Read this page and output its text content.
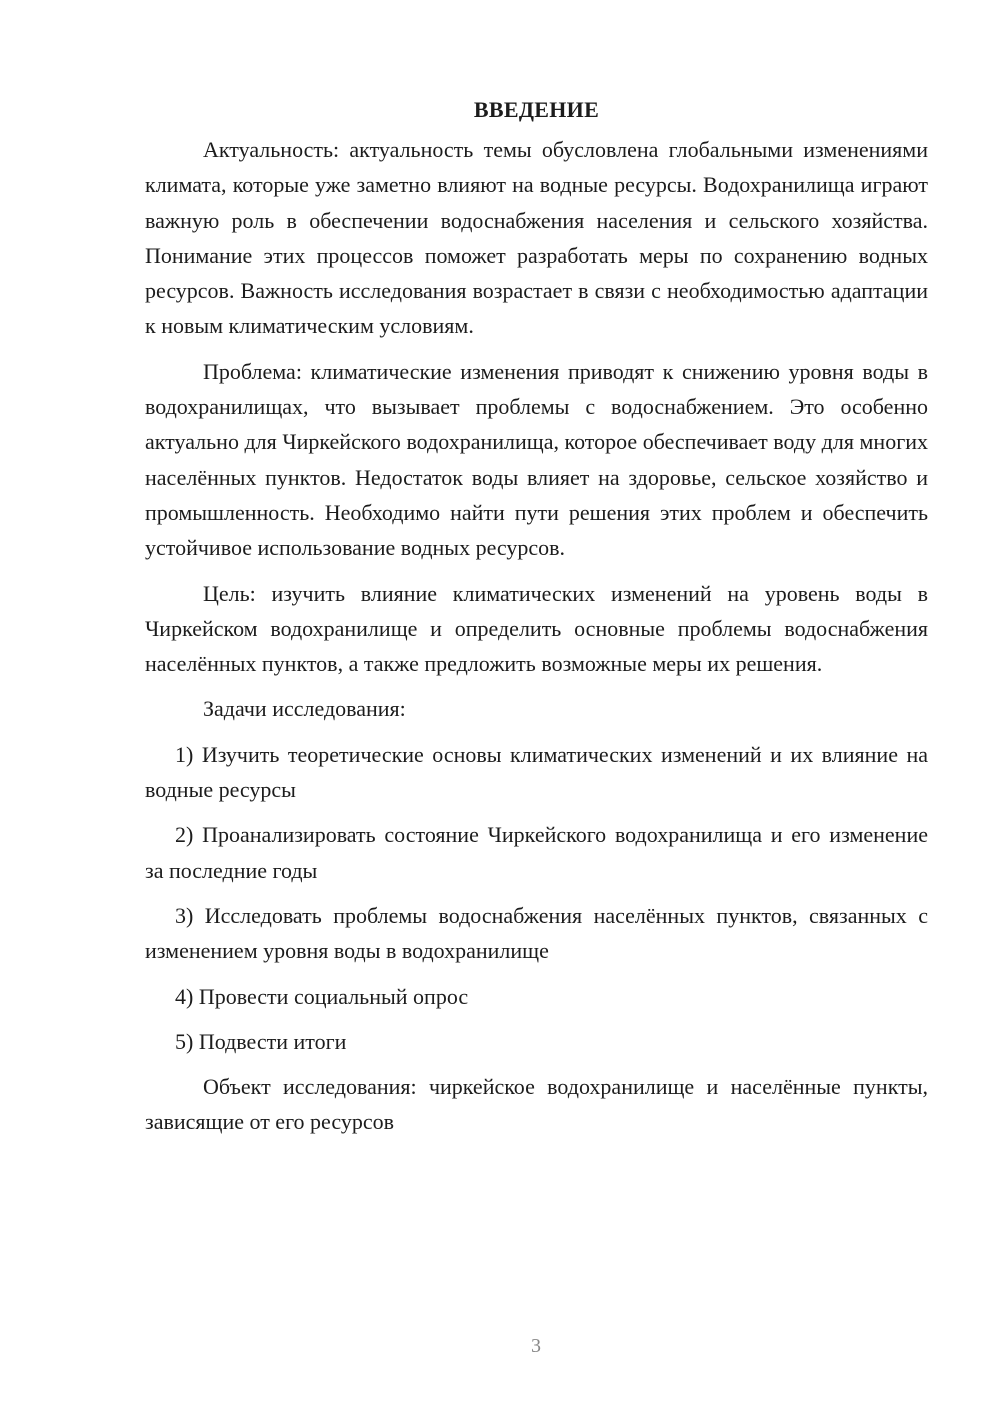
ВВЕДЕНИЕ

Актуальность: актуальность темы обусловлена глобальными изменениями климата, которые уже заметно влияют на водные ресурсы. Водохранилища играют важную роль в обеспечении водоснабжения населения и сельского хозяйства. Понимание этих процессов поможет разработать меры по сохранению водных ресурсов. Важность исследования возрастает в связи с необходимостью адаптации к новым климатическим условиям.

Проблема: климатические изменения приводят к снижению уровня воды в водохранилищах, что вызывает проблемы с водоснабжением. Это особенно актуально для Чиркейского водохранилища, которое обеспечивает воду для многих населённых пунктов. Недостаток воды влияет на здоровье, сельское хозяйство и промышленность. Необходимо найти пути решения этих проблем и обеспечить устойчивое использование водных ресурсов.

Цель: изучить влияние климатических изменений на уровень воды в Чиркейском водохранилище и определить основные проблемы водоснабжения населённых пунктов, а также предложить возможные меры их решения.

Задачи исследования:

1) Изучить теоретические основы климатических изменений и их влияние на водные ресурсы

2) Проанализировать состояние Чиркейского водохранилища и его изменение за последние годы

3) Исследовать проблемы водоснабжения населённых пунктов, связанных с изменением уровня воды в водохранилище

4) Провести социальный опрос

5) Подвести итоги

Объект исследования: чиркейское водохранилище и населённые пункты, зависящие от его ресурсов

3
